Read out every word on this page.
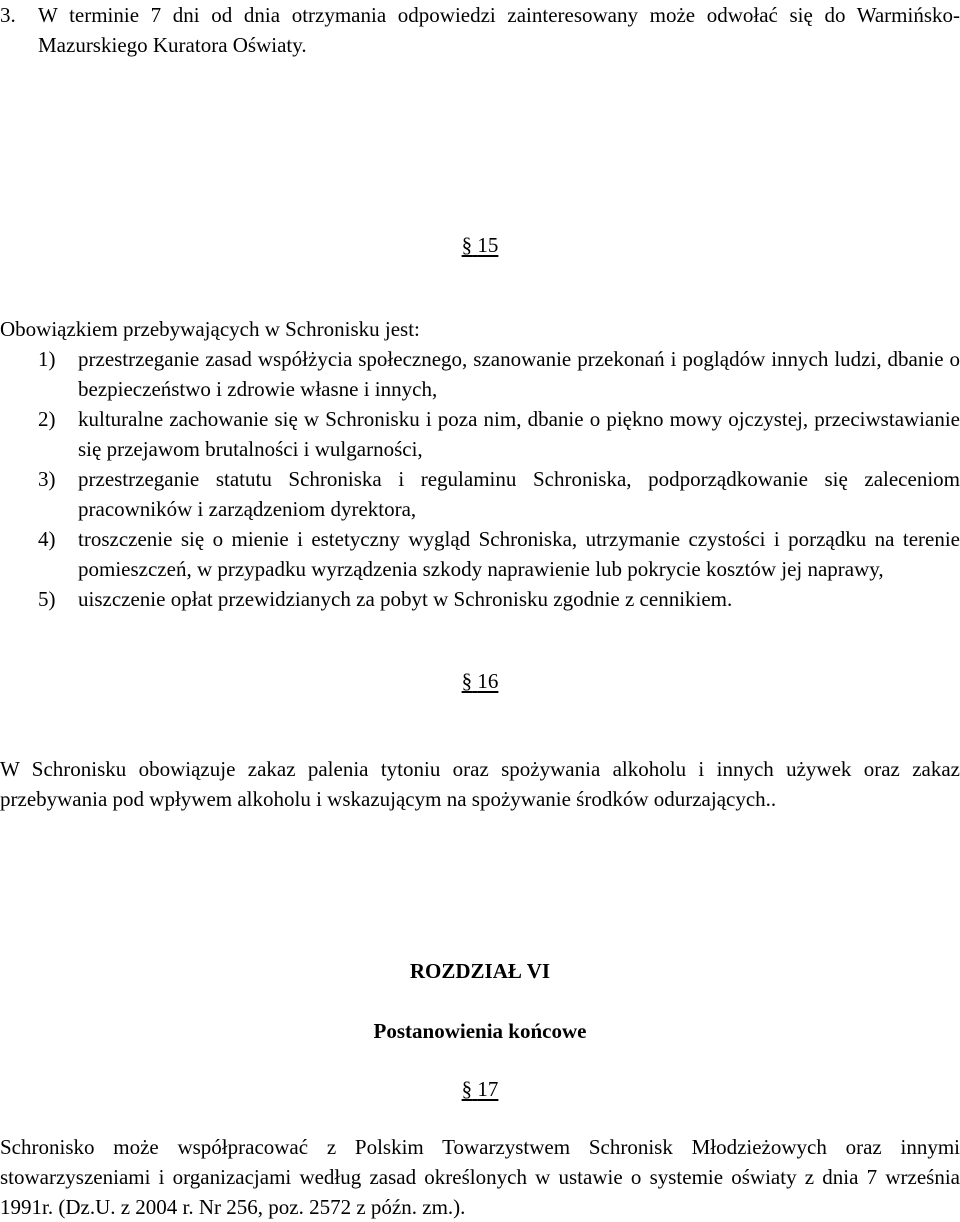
3. W terminie 7 dni od dnia otrzymania odpowiedzi zainteresowany może odwołać się do Warmińsko-Mazurskiego Kuratora Oświaty.
§ 15
Obowiązkiem przebywających w Schronisku jest:
1) przestrzeganie zasad współżycia społecznego, szanowanie przekonań i poglądów innych ludzi, dbanie o bezpieczeństwo i zdrowie własne i innych,
2) kulturalne zachowanie się w Schronisku i poza nim, dbanie o piękno mowy ojczystej, przeciwstawianie się przejawom brutalności i wulgarności,
3) przestrzeganie statutu Schroniska i regulaminu Schroniska, podporządkowanie się zaleceniom pracowników i zarządzeniom dyrektora,
4) troszczenie się o mienie i estetyczny wygląd Schroniska, utrzymanie czystości i porządku na terenie pomieszczeń, w przypadku wyrządzenia szkody naprawienie lub pokrycie kosztów jej naprawy,
5) uiszczenie opłat przewidzianych za pobyt w Schronisku zgodnie z cennikiem.
§ 16
W Schronisku obowiązuje zakaz palenia tytoniu oraz spożywania alkoholu i innych używek oraz zakaz przebywania pod wpływem alkoholu i wskazującym na spożywanie środków odurzających..
ROZDZIAŁ VI
Postanowienia końcowe
§ 17
Schronisko może współpracować z Polskim Towarzystwem Schronisk Młodzieżowych oraz innymi stowarzyszeniami i organizacjami według zasad określonych w ustawie o systemie oświaty z dnia 7 września 1991r. (Dz.U. z 2004 r. Nr 256, poz. 2572 z późn. zm.).
